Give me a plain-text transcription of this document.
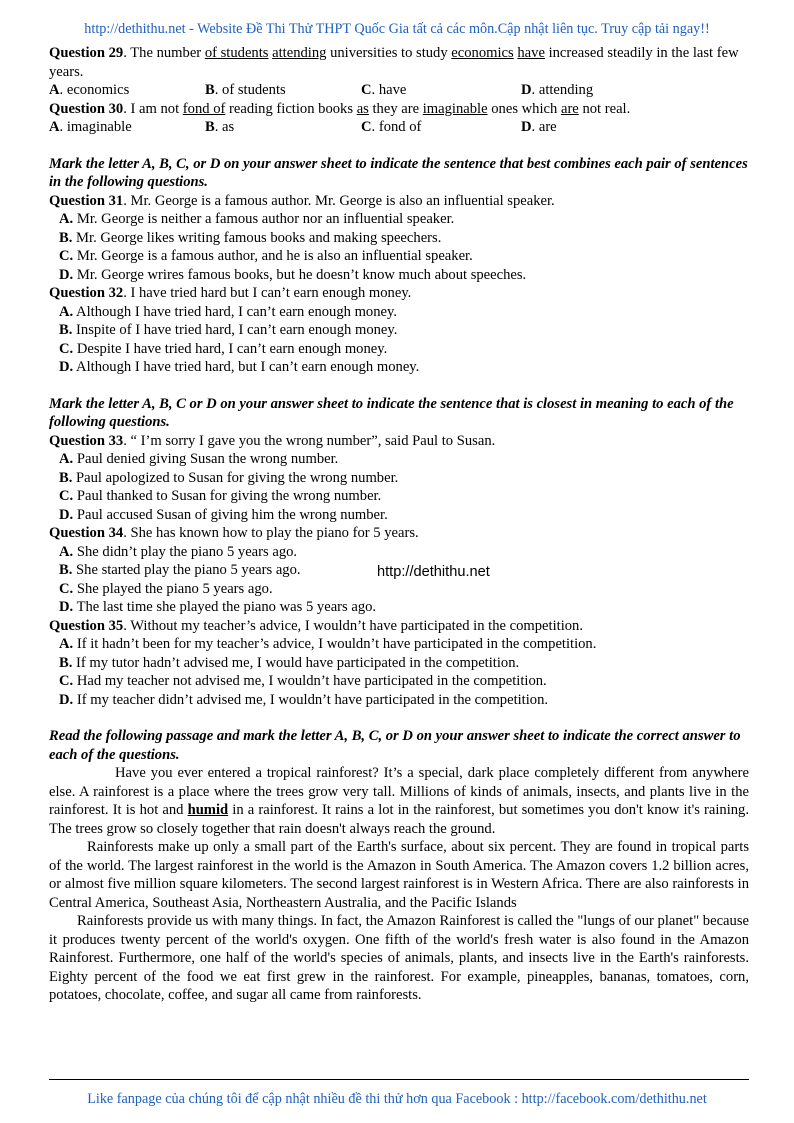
http://dethithu.net - Website Đề Thi Thử THPT Quốc Gia tất cả các môn.Cập nhật liên tục. Truy cập tải ngay!!

Question 29. The number of students attending universities to study economics have increased steadily in the last few years.

A. economics	B. of students	C. have	D. attending

Question 30. I am not fond of reading fiction books as they are imaginable ones which are not real.

A. imaginable	B. as	C. fond of	D. are

Mark the letter A, B, C, or D on your answer sheet to indicate the sentence that best combines each pair of sentences in the following questions.

Question 31. Mr. George is a famous author. Mr. George is also an influential speaker.

A. Mr. George is neither a famous author nor an influential speaker.
B. Mr. George likes writing famous books and making speechers.
C. Mr. George is a famous author, and he is also an influential speaker.
D. Mr. George wrires famous books, but he doesn’t know much about speeches.

Question 32. I have tried hard but I can’t earn enough money.

A. Although I have tried hard, I can’t earn enough money.
B. Inspite of I have tried hard, I can’t earn enough money.
C. Despite I have tried hard, I can’t earn enough money.
D. Although I have tried hard, but I can’t earn enough money.

Mark the letter A, B, C or D on your answer sheet to indicate the sentence that is closest in meaning to each of the following questions.

Question 33. “ I’m sorry I gave you the wrong number”, said Paul to Susan.

A. Paul denied giving Susan the wrong number.
B. Paul apologized to Susan for giving the wrong number.
C. Paul thanked to Susan for giving the wrong number.
D. Paul accused Susan of giving him the wrong number.

Question 34. She has known how to play the piano for 5 years.

A. She didn’t play the piano 5 years ago.
B. She started play the piano 5 years ago.
C. She played the piano 5 years ago.
D. The last time she played the piano was 5 years ago.

Question 35. Without my teacher’s advice, I wouldn’t have participated in the competition.

A. If it hadn’t been for my teacher’s advice, I wouldn’t have participated in the competition.
B. If my tutor hadn’t advised me, I would have participated in the competition.
C. Had my teacher not advised me, I wouldn’t have participated in the competition.
D. If my teacher didn’t advised me, I wouldn’t have participated in the competition.

Read the following passage and mark the letter A, B, C, or D on your answer sheet to indicate the correct answer to each of the questions.

Have you ever entered a tropical rainforest? It’s a special, dark place completely different from anywhere else. A rainforest is a place where the trees grow very tall. Millions of kinds of animals, insects, and plants live in the rainforest. It is hot and humid in a rainforest. It rains a lot in the rainforest, but sometimes you don't know it's raining. The trees grow so closely together that rain doesn't always reach the ground.

Rainforests make up only a small part of the Earth's surface, about six percent. They are found in tropical parts of the world. The largest rainforest in the world is the Amazon in South America. The Amazon covers 1.2 billion acres, or almost five million square kilometers. The second largest rainforest is in Western Africa. There are also rainforests in Central America, Southeast Asia, Northeastern Australia, and the Pacific Islands

Rainforests provide us with many things. In fact, the Amazon Rainforest is called the "lungs of our planet" because it produces twenty percent of the world's oxygen. One fifth of the world's fresh water is also found in the Amazon Rainforest. Furthermore, one half of the world's species of animals, plants, and insects live in the Earth's rainforests. Eighty percent of the food we eat first grew in the rainforest. For example, pineapples, bananas, tomatoes, corn, potatoes, chocolate, coffee, and sugar all came from rainforests.

http://dethithu.net
Like fanpage của chúng tôi để cập nhật nhiều đề thi thử hơn qua Facebook : http://facebook.com/dethithu.net
